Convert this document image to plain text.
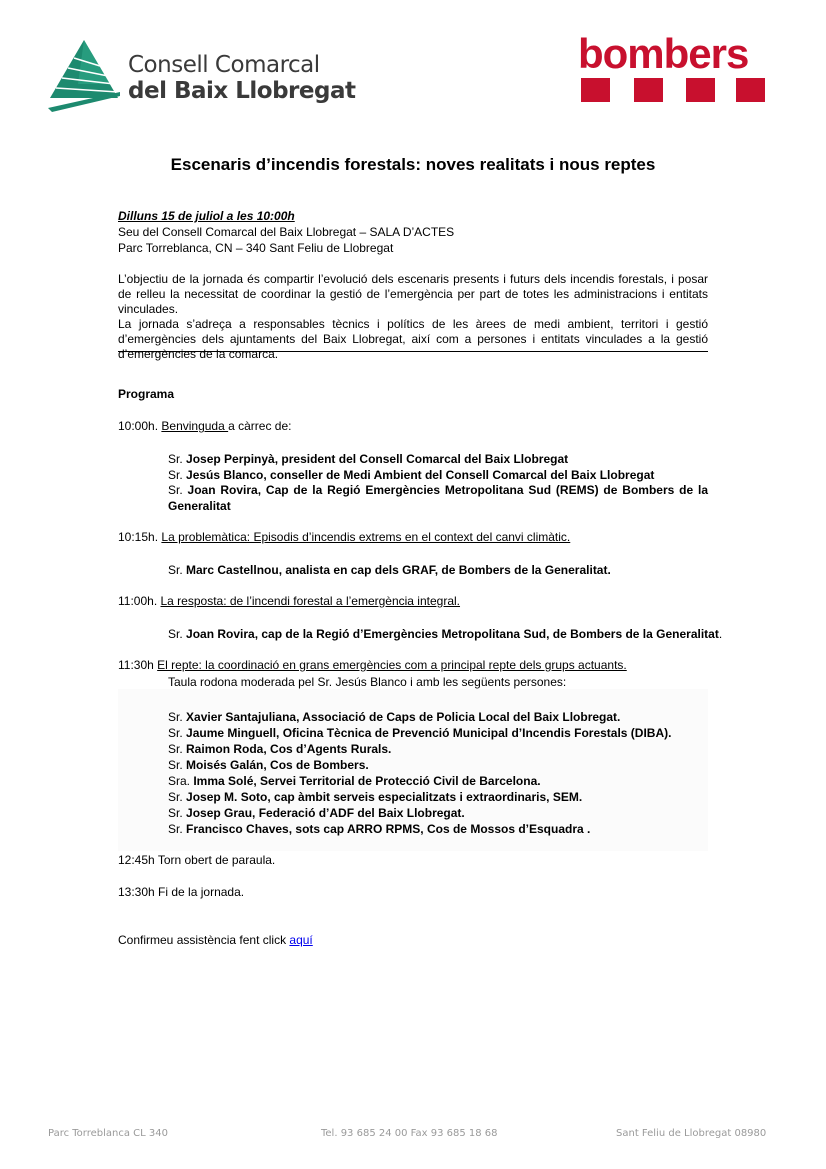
Consell Comarcal
del Baix Llobregat
bombers
Escenaris d’incendis forestals: noves realitats i nous reptes
Dilluns 15 de juliol a les 10:00h
Seu del Consell Comarcal del Baix Llobregat – SALA D’ACTES
Parc Torreblanca, CN – 340 Sant Feliu de Llobregat

L’objectiu de la jornada és compartir l’evolució dels escenaris presents i futurs dels incendis forestals, i posar de relleu la necessitat de coordinar la gestió de l’emergència per part de totes les administracions i entitats vinculades.

La jornada s’adreça a responsables tècnics i polítics de les àrees de medi ambient, territori i gestió d’emergències dels ajuntaments del Baix Llobregat, així com a persones i entitats vinculades a la gestió d’emergències de la comarca.

Programa
10:00h. Benvinguda a càrrec de:
Sr. Josep Perpinyà, president del Consell Comarcal del Baix Llobregat
Sr. Jesús Blanco, conseller de Medi Ambient del Consell Comarcal del Baix Llobregat
Sr. Joan Rovira, Cap de la Regió Emergències Metropolitana Sud (REMS) de Bombers de la Generalitat
10:15h. La problemàtica: Episodis d’incendis extrems en el context del canvi climàtic.
Sr. Marc Castellnou, analista en cap dels GRAF, de Bombers de la Generalitat.
11:00h. La resposta: de l’incendi forestal a l’emergència integral.
Sr. Joan Rovira, cap de la Regió d’Emergències Metropolitana Sud, de Bombers de la Generalitat.
11:30h El repte: la coordinació en grans emergències com a principal repte dels grups actuants.
Taula rodona moderada pel Sr. Jesús Blanco i amb les següents persones:
Sr. Xavier Santajuliana, Associació de Caps de Policia Local del Baix Llobregat.
Sr. Jaume Minguell, Oficina Tècnica de Prevenció Municipal d’Incendis Forestals (DIBA).
Sr. Raimon Roda, Cos d’Agents Rurals.
Sr. Moisés Galán, Cos de Bombers.
Sra. Imma Solé, Servei Territorial de Protecció Civil de Barcelona.
Sr. Josep M. Soto, cap àmbit serveis especialitzats i extraordinaris, SEM.
Sr. Josep Grau, Federació d’ADF del Baix Llobregat.
Sr. Francisco Chaves, sots cap ARRO RPMS, Cos de Mossos d’Esquadra .
12:45h Torn obert de paraula.
13:30h Fi de la jornada.
Confirmeu assistència fent click aquí
Parc Torreblanca CL 340	Tel. 93 685 24 00 Fax 93 685 18 68	Sant Feliu de Llobregat 08980
